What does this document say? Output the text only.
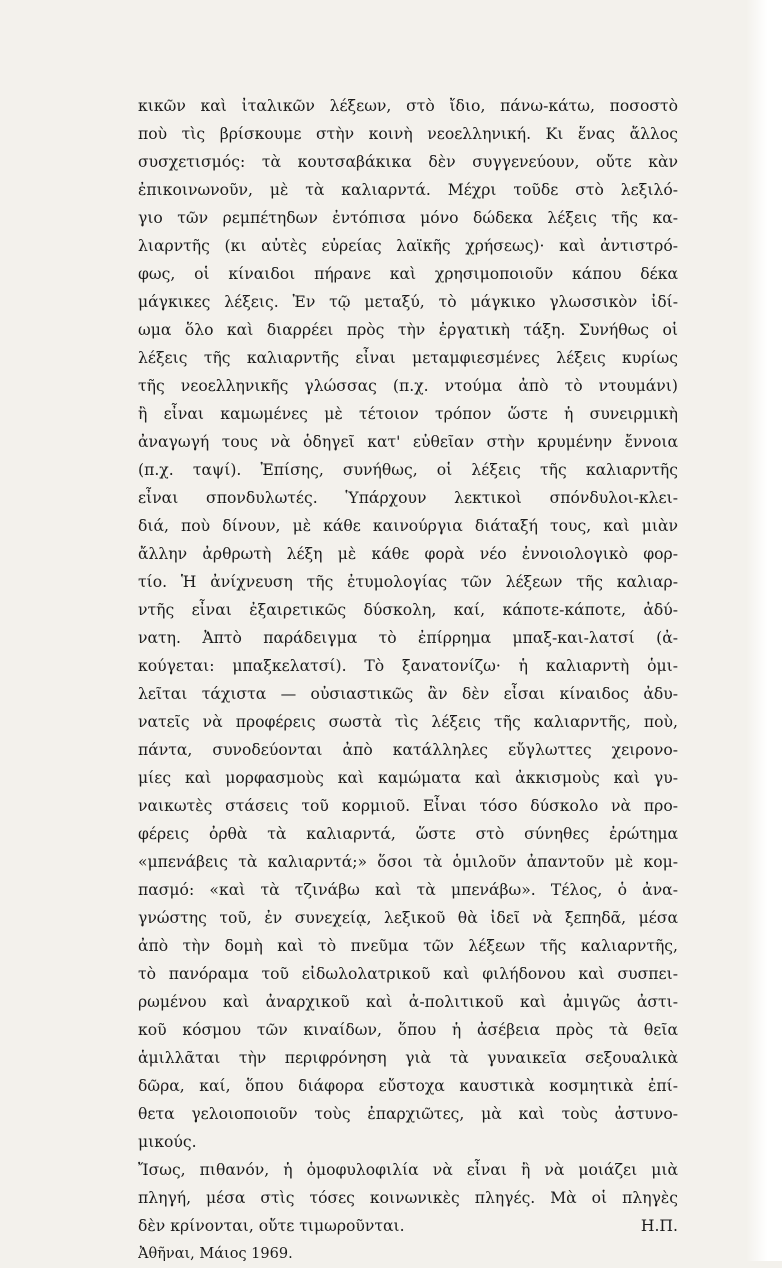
κικῶν καὶ ἰταλικῶν λέξεων, στὸ ἴδιο, πάνω-κάτω, ποσοστὸ
ποὺ τὶς βρίσκουμε στὴν κοινὴ νεοελληνική. Κι ἕνας ἄλλος
συσχετισμός: τὰ κουτσαβάκικα δὲν συγγενεύουν, οὔτε κὰν
ἐπικοινωνοῦν, μὲ τὰ καλιαρντά. Μέχρι τοῦδε στὸ λεξιλό-
γιο τῶν ρεμπέτηδων ἐντόπισα μόνο δώδεκα λέξεις τῆς κα-
λιαρντῆς (κι αὐτὲς εὐρείας λαϊκῆς χρήσεως)· καὶ ἀντιστρό-
φως, οἱ κίναιδοι πήρανε καὶ χρησιμοποιοῦν κάπου δέκα
μάγκικες λέξεις. Ἐν τῷ μεταξύ, τὸ μάγκικο γλωσσικὸν ἰδί-
ωμα ὅλο καὶ διαρρέει πρὸς τὴν ἐργατικὴ τάξη. Συνήθως οἱ
λέξεις τῆς καλιαρντῆς εἶναι μεταμφιεσμένες λέξεις κυρίως
τῆς νεοελληνικῆς γλώσσας (π.χ. ντούμα ἀπὸ τὸ ντουμάνι)
ἢ εἶναι καμωμένες μὲ τέτοιον τρόπον ὥστε ἡ συνειρμικὴ
ἀναγωγή τους νὰ ὁδηγεῖ κατ' εὐθεῖαν στὴν κρυμένην ἔννοια
(π.χ. ταψί). Ἐπίσης, συνήθως, οἱ λέξεις τῆς καλιαρντῆς
εἶναι σπονδυλωτές. Ὑπάρχουν λεκτικοὶ σπόνδυλοι-κλει-
διά, ποὺ δίνουν, μὲ κάθε καινούργια διάταξή τους, καὶ μιὰν
ἄλλην ἀρθρωτὴ λέξη μὲ κάθε φορὰ νέο ἐννοιολογικὸ φορ-
τίο. Ἡ ἀνίχνευση τῆς ἐτυμολογίας τῶν λέξεων τῆς καλιαρ-
ντῆς εἶναι ἐξαιρετικῶς δύσκολη, καί, κάποτε-κάποτε, ἀδύ-
νατη. Ἀπτὸ παράδειγμα τὸ ἐπίρρημα μπαξ-και-λατσί (ἀ-
κούγεται: μπαξκελατσί). Τὸ ξανατονίζω· ἡ καλιαρντὴ ὁμι-
λεῖται τάχιστα — οὐσιαστικῶς ἂν δὲν εἶσαι κίναιδος ἀδυ-
νατεῖς νὰ προφέρεις σωστὰ τὶς λέξεις τῆς καλιαρντῆς, ποὺ,
πάντα, συνοδεύονται ἀπὸ κατάλληλες εὔγλωττες χειρονο-
μίες καὶ μορφασμοὺς καὶ καμώματα καὶ ἀκκισμοὺς καὶ γυ-
ναικωτὲς στάσεις τοῦ κορμιοῦ. Εἶναι τόσο δύσκολο νὰ προ-
φέρεις ὀρθὰ τὰ καλιαρντά, ὥστε στὸ σύνηθες ἐρώτημα
«μπενάβεις τὰ καλιαρντά;» ὅσοι τὰ ὁμιλοῦν ἀπαντοῦν μὲ κομ-
πασμό: «καὶ τὰ τζινάβω καὶ τὰ μπενάβω». Τέλος, ὁ ἀνα-
γνώστης τοῦ, ἐν συνεχείᾳ, λεξικοῦ θὰ ἰδεῖ νὰ ξεπηδᾶ, μέσα
ἀπὸ τὴν δομὴ καὶ τὸ πνεῦμα τῶν λέξεων τῆς καλιαρντῆς,
τὸ πανόραμα τοῦ εἰδωλολατρικοῦ καὶ φιλήδονου καὶ συσπει-
ρωμένου καὶ ἀναρχικοῦ καὶ ἀ-πολιτικοῦ καὶ ἀμιγῶς ἀστι-
κοῦ κόσμου τῶν κιναίδων, ὅπου ἡ ἀσέβεια πρὸς τὰ θεῖα
ἁμιλλᾶται τὴν περιφρόνηση γιὰ τὰ γυναικεῖα σεξουαλικὰ
δῶρα, καί, ὅπου διάφορα εὔστοχα καυστικὰ κοσμητικὰ ἐπί-
θετα γελοιοποιοῦν τοὺς ἐπαρχιῶτες, μὰ καὶ τοὺς ἀστυνο-
μικούς.
Ἴσως, πιθανόν, ἡ ὁμοφυλοφιλία νὰ εἶναι ἢ νὰ μοιάζει μιὰ
πληγή, μέσα στὶς τόσες κοινωνικὲς πληγές. Μὰ οἱ πληγὲς
δὲν κρίνονται, οὔτε τιμωροῦνται.	Η.Π.
Ἀθῆναι, Μάιος 1969.
